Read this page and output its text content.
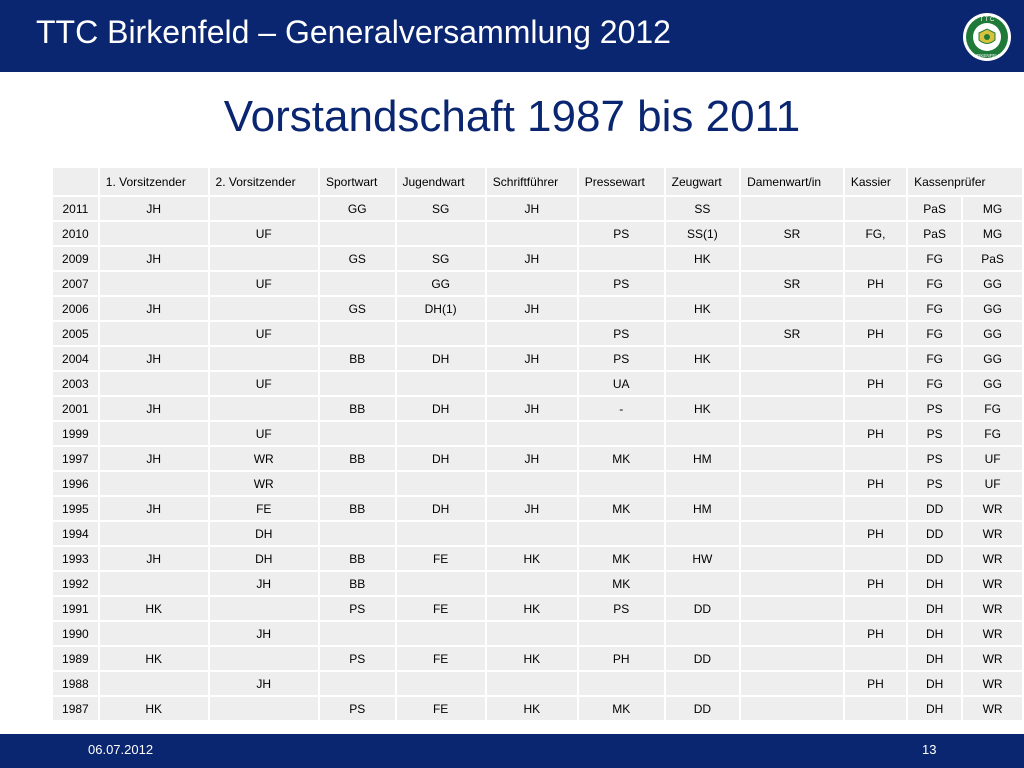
TTC Birkenfeld – Generalversammlung 2012	T T C
BIRKENFELD
Vorstandschaft 1987 bis 2011
	1. Vorsitzender	2. Vorsitzender	Sportwart	Jugendwart	Schriftführer	Pressewart	Zeugwart	Damenwart/in	Kassier	Kassenprüfer	
2011	JH		GG	SG	JH		SS			PaS	MG
2010		UF				PS	SS(1)	SR	FG,	PaS	MG
2009	JH		GS	SG	JH		HK			FG	PaS
2007		UF		GG		PS		SR	PH	FG	GG
2006	JH		GS	DH(1)	JH		HK			FG	GG
2005		UF				PS		SR	PH	FG	GG
2004	JH		BB	DH	JH	PS	HK			FG	GG
2003		UF				UA			PH	FG	GG
2001	JH		BB	DH	JH	-	HK			PS	FG
1999		UF							PH	PS	FG
1997	JH	WR	BB	DH	JH	MK	HM			PS	UF
1996		WR							PH	PS	UF
1995	JH	FE	BB	DH	JH	MK	HM			DD	WR
1994		DH							PH	DD	WR
1993	JH	DH	BB	FE	HK	MK	HW			DD	WR
1992		JH	BB			MK			PH	DH	WR
1991	HK		PS	FE	HK	PS	DD			DH	WR
1990		JH							PH	DH	WR
1989	HK		PS	FE	HK	PH	DD			DH	WR
1988		JH							PH	DH	WR
1987	HK		PS	FE	HK	MK	DD			DH	WR
06.07.2012	13
